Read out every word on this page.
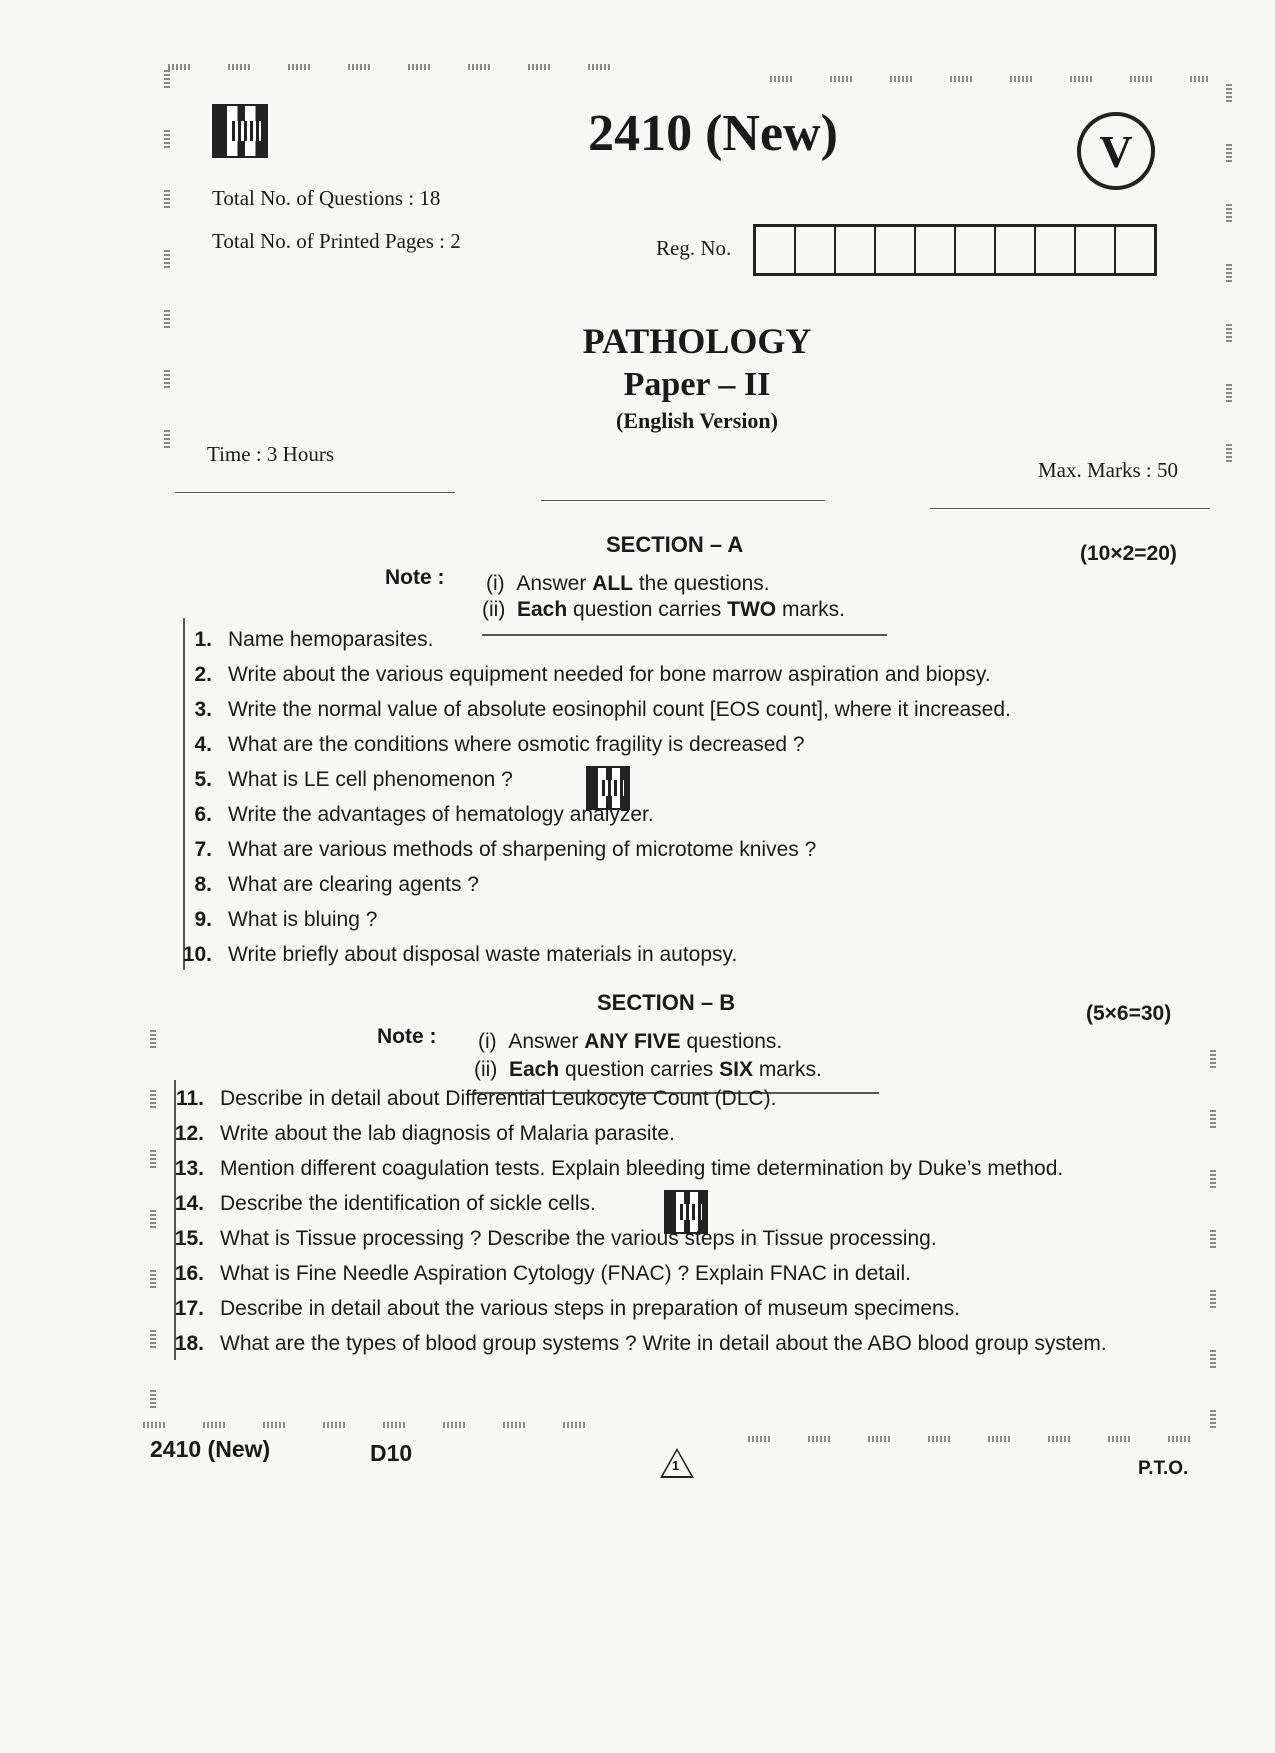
2410 (New)	V
Total No. of Questions : 18
Total No. of Printed Pages : 2	Reg. No.
PATHOLOGY
Paper – II
(English Version)
Time : 3 Hours
Max. Marks : 50
SECTION – A	(10×2=20)
Note : (i) Answer ALL the questions.
(ii) Each question carries TWO marks.
1. Name hemoparasites.
2. Write about the various equipment needed for bone marrow aspiration and biopsy.
3. Write the normal value of absolute eosinophil count [EOS count], where it increased.
4. What are the conditions where osmotic fragility is decreased ?
5. What is LE cell phenomenon ?
6. Write the advantages of hematology analyzer.
7. What are various methods of sharpening of microtome knives ?
8. What are clearing agents ?
9. What is bluing ?
10. Write briefly about disposal waste materials in autopsy.
SECTION – B	(5×6=30)
Note : (i) Answer ANY FIVE questions.
(ii) Each question carries SIX marks.
11. Describe in detail about Differential Leukocyte Count (DLC).
12. Write about the lab diagnosis of Malaria parasite.
13. Mention different coagulation tests. Explain bleeding time determination by Duke’s method.
14. Describe the identification of sickle cells.
15. What is Tissue processing ? Describe the various steps in Tissue processing.
16. What is Fine Needle Aspiration Cytology (FNAC) ? Explain FNAC in detail.
17. Describe in detail about the various steps in preparation of museum specimens.
18. What are the types of blood group systems ? Write in detail about the ABO blood group system.
2410 (New)	D10	1	P.T.O.
